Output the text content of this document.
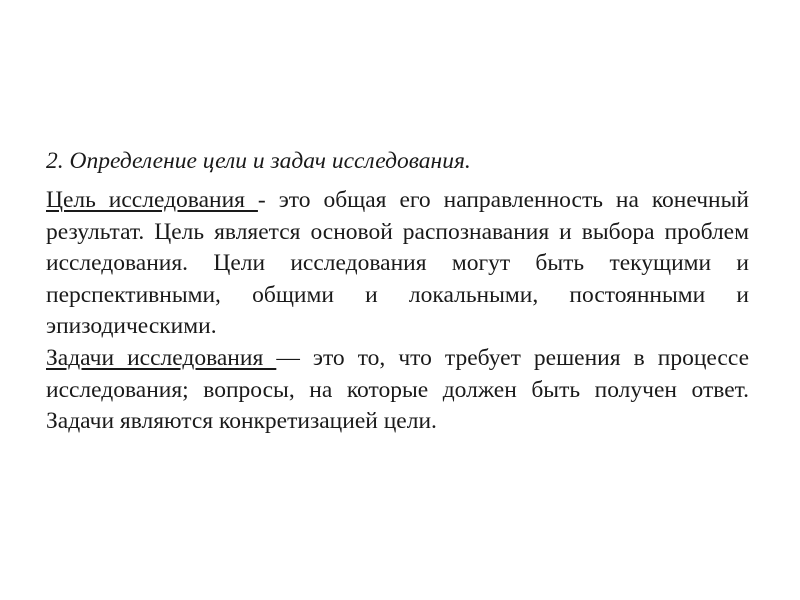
2. Определение цели и задач исследования.

Цель исследования - это общая его направленность на конечный результат. Цель является основой распознавания и выбора проблем исследования. Цели исследования могут быть текущими и перспективными, общими и локальными, постоянными и эпизодическими.
Задачи исследования — это то, что требует решения в процессе исследования; вопросы, на которые должен быть получен ответ. Задачи являются конкретизацией цели.
